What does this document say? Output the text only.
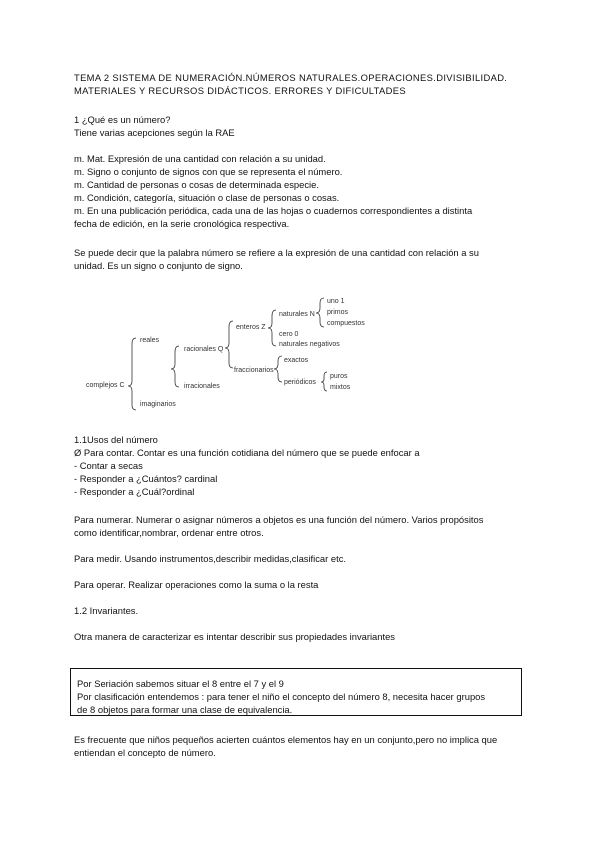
TEMA 2 SISTEMA DE NUMERACIÓN.NÚMEROS NATURALES.OPERACIONES.DIVISIBILIDAD.
MATERIALES Y RECURSOS DIDÁCTICOS. ERRORES Y DIFICULTADES
1 ¿Qué es un número?
Tiene varias acepciones según la RAE
m. Mat. Expresión de una cantidad con relación a su unidad.
m. Signo o conjunto de signos con que se representa el número.
m. Cantidad de personas o cosas de determinada especie.
m. Condición, categoría, situación o clase de personas o cosas.
m. En una publicación periódica, cada una de las hojas o cuadernos correspondientes a distinta
fecha de edición, en la serie cronológica respectiva.
Se puede decir que la palabra número se refiere a la expresión de una cantidad con relación a su
unidad. Es un signo o conjunto de signo.
complejos C
reales
imaginarios
racionales Q
irracionales
enteros Z
fraccionarios
naturales N
cero 0
naturales negativos
exactos
periódicos
uno 1
primos
compuestos
puros
mixtos
1.1Usos del número
Ø Para contar. Contar es una función cotidiana del número que se puede enfocar a
- Contar a secas
- Responder a ¿Cuántos? cardinal
- Responder a ¿Cuál?ordinal
Para numerar. Numerar o asignar números a objetos es una función del número. Varios propósitos
como identificar,nombrar, ordenar entre otros.
Para medir. Usando instrumentos,describir medidas,clasificar etc.
Para operar. Realizar operaciones como la suma o la resta
1.2 Invariantes.
Otra manera de caracterizar es intentar describir sus propiedades invariantes
Por Seriación sabemos situar el 8 entre el 7 y el 9
Por clasificación entendemos : para tener el niño el concepto del número 8, necesita hacer grupos
de 8 objetos para formar una clase de equivalencia.
Es frecuente que niños pequeños acierten cuántos elementos hay en un conjunto,pero no implica que
entiendan el concepto de número.
